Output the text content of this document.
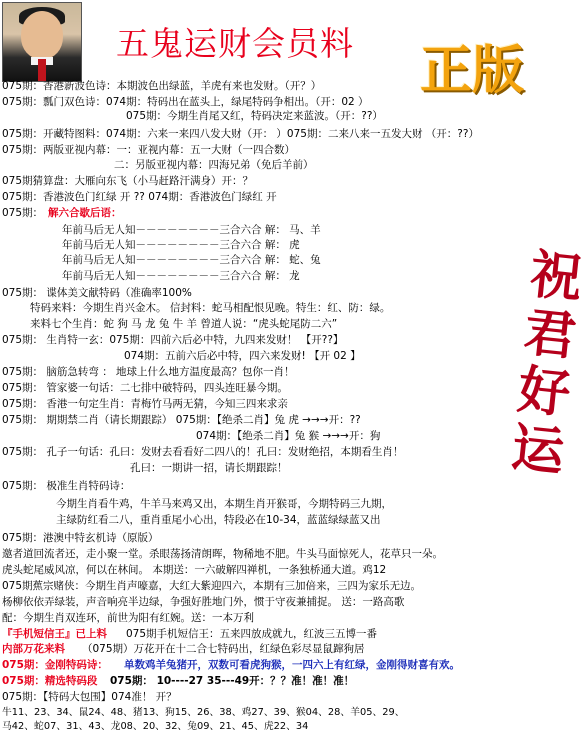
五鬼运财会员料 正版
祝君好运
075期：香港新波色诗：本期波色出绿蓝，羊虎有来也发财。（开？）
075期：瓢门双色诗：074期：特码出在蓝头上，绿尾特码争相出。（开：02 ）
075期：今期生肖尾又红，特码决定来蓝波。（开：??）
075期：开藏特图料：074期：六来一来四八发大财（开： ）075期：二来八来一五发大财 （开：??）
075期：两版亚视内幕：一：亚视内幕：五一大财（一四合数）
二：另版亚视内幕：四海兄弟（免后羊前）
075期猜算盘：大雁向东飞（小马赶路汗满身）开：？
075期：香港波色门红绿 开 ?? 074期：香港波色门绿红 开
075期： 解六合歇后语：
年前马后无人知－－－－－－－－三合六合 解： 马、羊
年前马后无人知－－－－－－－－三合六合 解： 虎
年前马后无人知－－－－－－－－三合六合 解： 蛇、兔
年前马后无人知－－－－－－－－三合六合 解： 龙
075期： 谍体美文献特码（准确率100%
特码来料：今期生肖兴金木。 信封料：蛇马相配恨见晚。特生：红、防：绿。
来料七个生肖：蛇 狗 马 龙 兔 牛 羊 曾道人说：“虎头蛇尾防二六”
075期： 生肖特一玄：075期：四前六后必中特，九四来发财！ 【开??】
074期：五前六后必中特，四六来发财! 【开 02 】
075期： 脑筋急转弯 ： 地球上什么地方温度最高？包你一肖！
075期： 管家婆一句话：二七排中破特码，四头连旺暴今期。
075期： 香港一句定生肖：青梅竹马两无猜，今知三四来求亲
075期： 期期禁二肖（请长期跟踪） 075期：【绝杀二肖】兔 虎 →→→开：??
074期：【绝杀二肖】兔 猴 →→→开：狗
075期： 孔子一句话：孔曰：发财去看看好二四八的！孔曰：发财绝招，本期看生肖！
孔曰：一期讲一招，请长期跟踪！
075期： 极准生肖特码诗：
今期生肖看牛鸡，牛羊马来鸡又出，本期生肖开猴哥，今期特码三九期，
主绿防红看二八，重肖重尾小心出，特段必在10-34，蓝蓝绿绿蓝又出
075期：港澳中特玄机诗（原版）
邀者道回流者还，走小聚一堂。杀眼荡扬清朗晖，物稀地不肥。牛头马面惊死人，花草只一朵。
虎头蛇尾威风凉，何以在林间。 本期送：一六破解四禅机，一条独桥通大道。鸡12
075期蕉宗赌侠：今期生肖声嚎嘉，大红大紫迎四六，本期有三加倍来，三四为家乐无边。
杨柳依依弄绿装，声音响亮半边绿，争强好胜地门外，惯于守夜兼捕捉。 送：一路高歌
配：今期生肖双连环，前世为阳有红婉。送：一本万利
『手机短信王』已上料 075期手机短信王：五来四放成就九，红波三五博一番
内部万花来料 （075期）万花开在十二合七特码出，红绿色彩尽显鼠蹿狗居
075期：金刚特码诗： 单数鸡羊兔猪开，双数可看虎狗猴，一四六上有红绿，金刚得财喜有欢。
075期：精选特码段 075期： 10----27 35---49开：？？准！准！准！
075期：【特码大包围】074准！ 开？
牛11、23、34、鼠24、48、猪13、狗15、26、38、鸡27、39、猴04、28、羊05、29、
马42、蛇07、31、43、龙08、20、32、兔09、21、45、虎22、34
